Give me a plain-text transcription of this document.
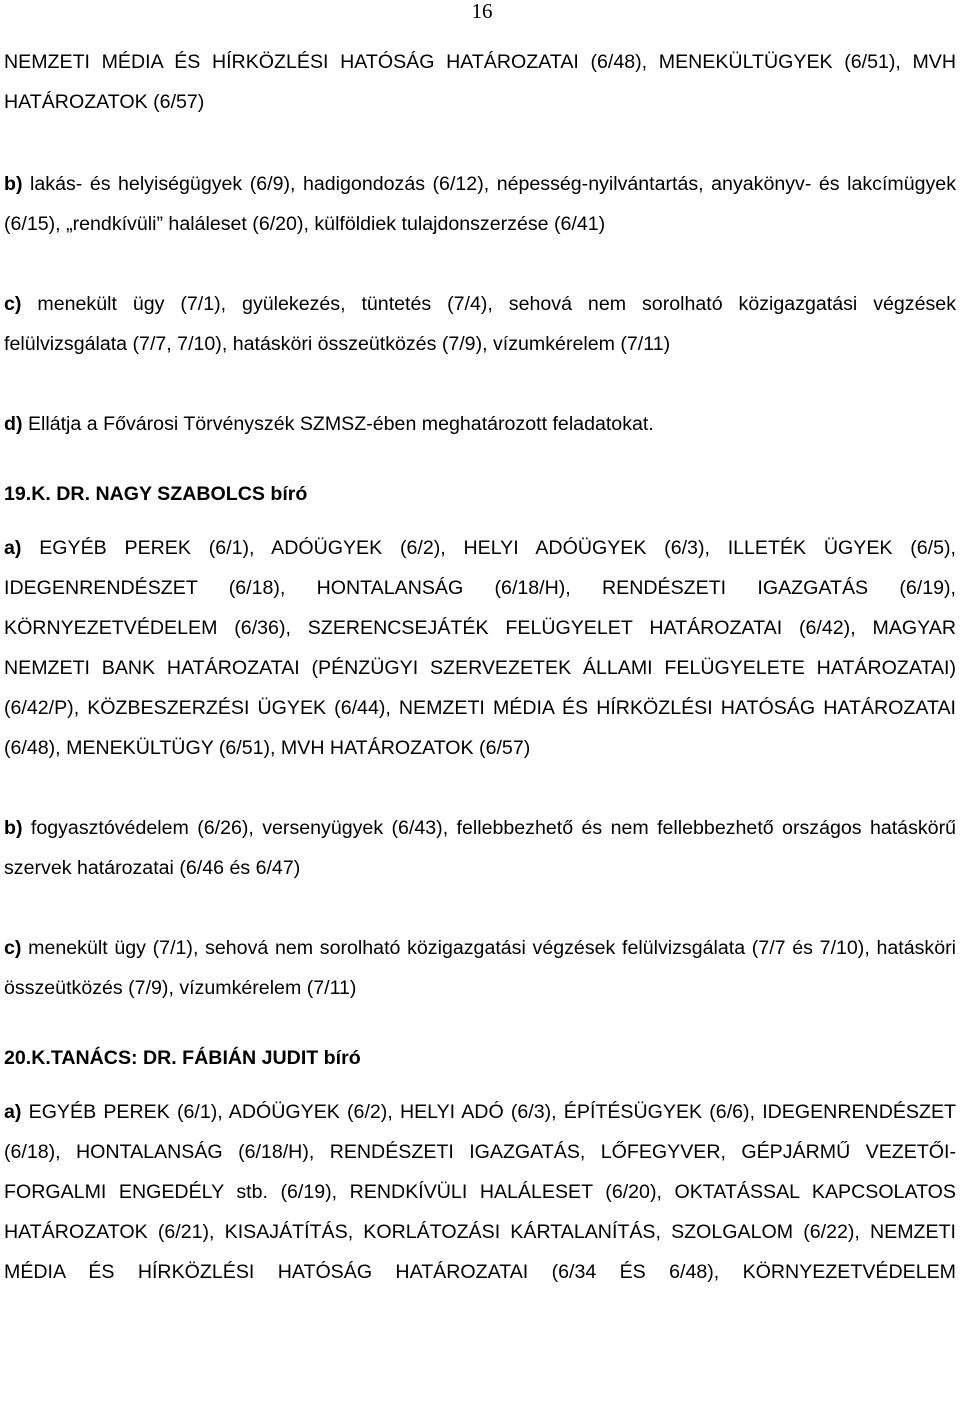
16

NEMZETI MÉDIA ÉS HÍRKÖZLÉSI HATÓSÁG HATÁROZATAI (6/48), MENEKÜLTÜGYEK (6/51), MVH HATÁROZATOK (6/57)

b) lakás- és helyiségügyek (6/9), hadigondozás (6/12), népesség-nyilvántartás, anyakönyv- és lakcímügyek (6/15), „rendkívüli” haláleset (6/20), külföldiek tulajdonszerzése (6/41)

c) menekült ügy (7/1), gyülekezés, tüntetés (7/4), sehová nem sorolható közigazgatási végzések felülvizsgálata (7/7, 7/10), hatásköri összeütközés (7/9), vízumkérelem (7/11)

d) Ellátja a Fővárosi Törvényszék SZMSZ-ében meghatározott feladatokat.

19.K. DR. NAGY SZABOLCS bíró

a) EGYÉB PEREK (6/1), ADÓÜGYEK (6/2), HELYI ADÓÜGYEK (6/3), ILLETÉK ÜGYEK (6/5), IDEGENRENDÉSZET (6/18), HONTALANSÁG (6/18/H), RENDÉSZETI IGAZGATÁS (6/19), KÖRNYEZETVÉDELEM (6/36), SZERENCSEJÁTÉK FELÜGYELET HATÁROZATAI (6/42), MAGYAR NEMZETI BANK HATÁROZATAI (PÉNZÜGYI SZERVEZETEK ÁLLAMI FELÜGYELETE HATÁROZATAI) (6/42/P), KÖZBESZERZÉSI ÜGYEK (6/44), NEMZETI MÉDIA ÉS HÍRKÖZLÉSI HATÓSÁG HATÁROZATAI (6/48), MENEKÜLTÜGY (6/51), MVH HATÁROZATOK (6/57)

b) fogyasztóvédelem (6/26), versenyügyek (6/43), fellebbezhető és nem fellebbezhető országos hatáskörű szervek határozatai (6/46 és 6/47)

c) menekült ügy (7/1), sehová nem sorolható közigazgatási végzések felülvizsgálata (7/7 és 7/10), hatásköri összeütközés (7/9), vízumkérelem (7/11)

20.K.TANÁCS: DR. FÁBIÁN JUDIT bíró

a) EGYÉB PEREK (6/1), ADÓÜGYEK (6/2), HELYI ADÓ (6/3), ÉPÍTÉSÜGYEK (6/6), IDEGENRENDÉSZET (6/18), HONTALANSÁG (6/18/H), RENDÉSZETI IGAZGATÁS, LŐFEGYVER, GÉPJÁRMŰ VEZETŐI-FORGALMI ENGEDÉLY stb. (6/19), RENDKÍVÜLI HALÁLESET (6/20), OKTATÁSSAL KAPCSOLATOS HATÁROZATOK (6/21), KISAJÁTÍTÁS, KORLÁTOZÁSI KÁRTALANÍTÁS, SZOLGALOM (6/22), NEMZETI MÉDIA ÉS HÍRKÖZLÉSI HATÓSÁG HATÁROZATAI (6/34 ÉS 6/48), KÖRNYEZETVÉDELEM
